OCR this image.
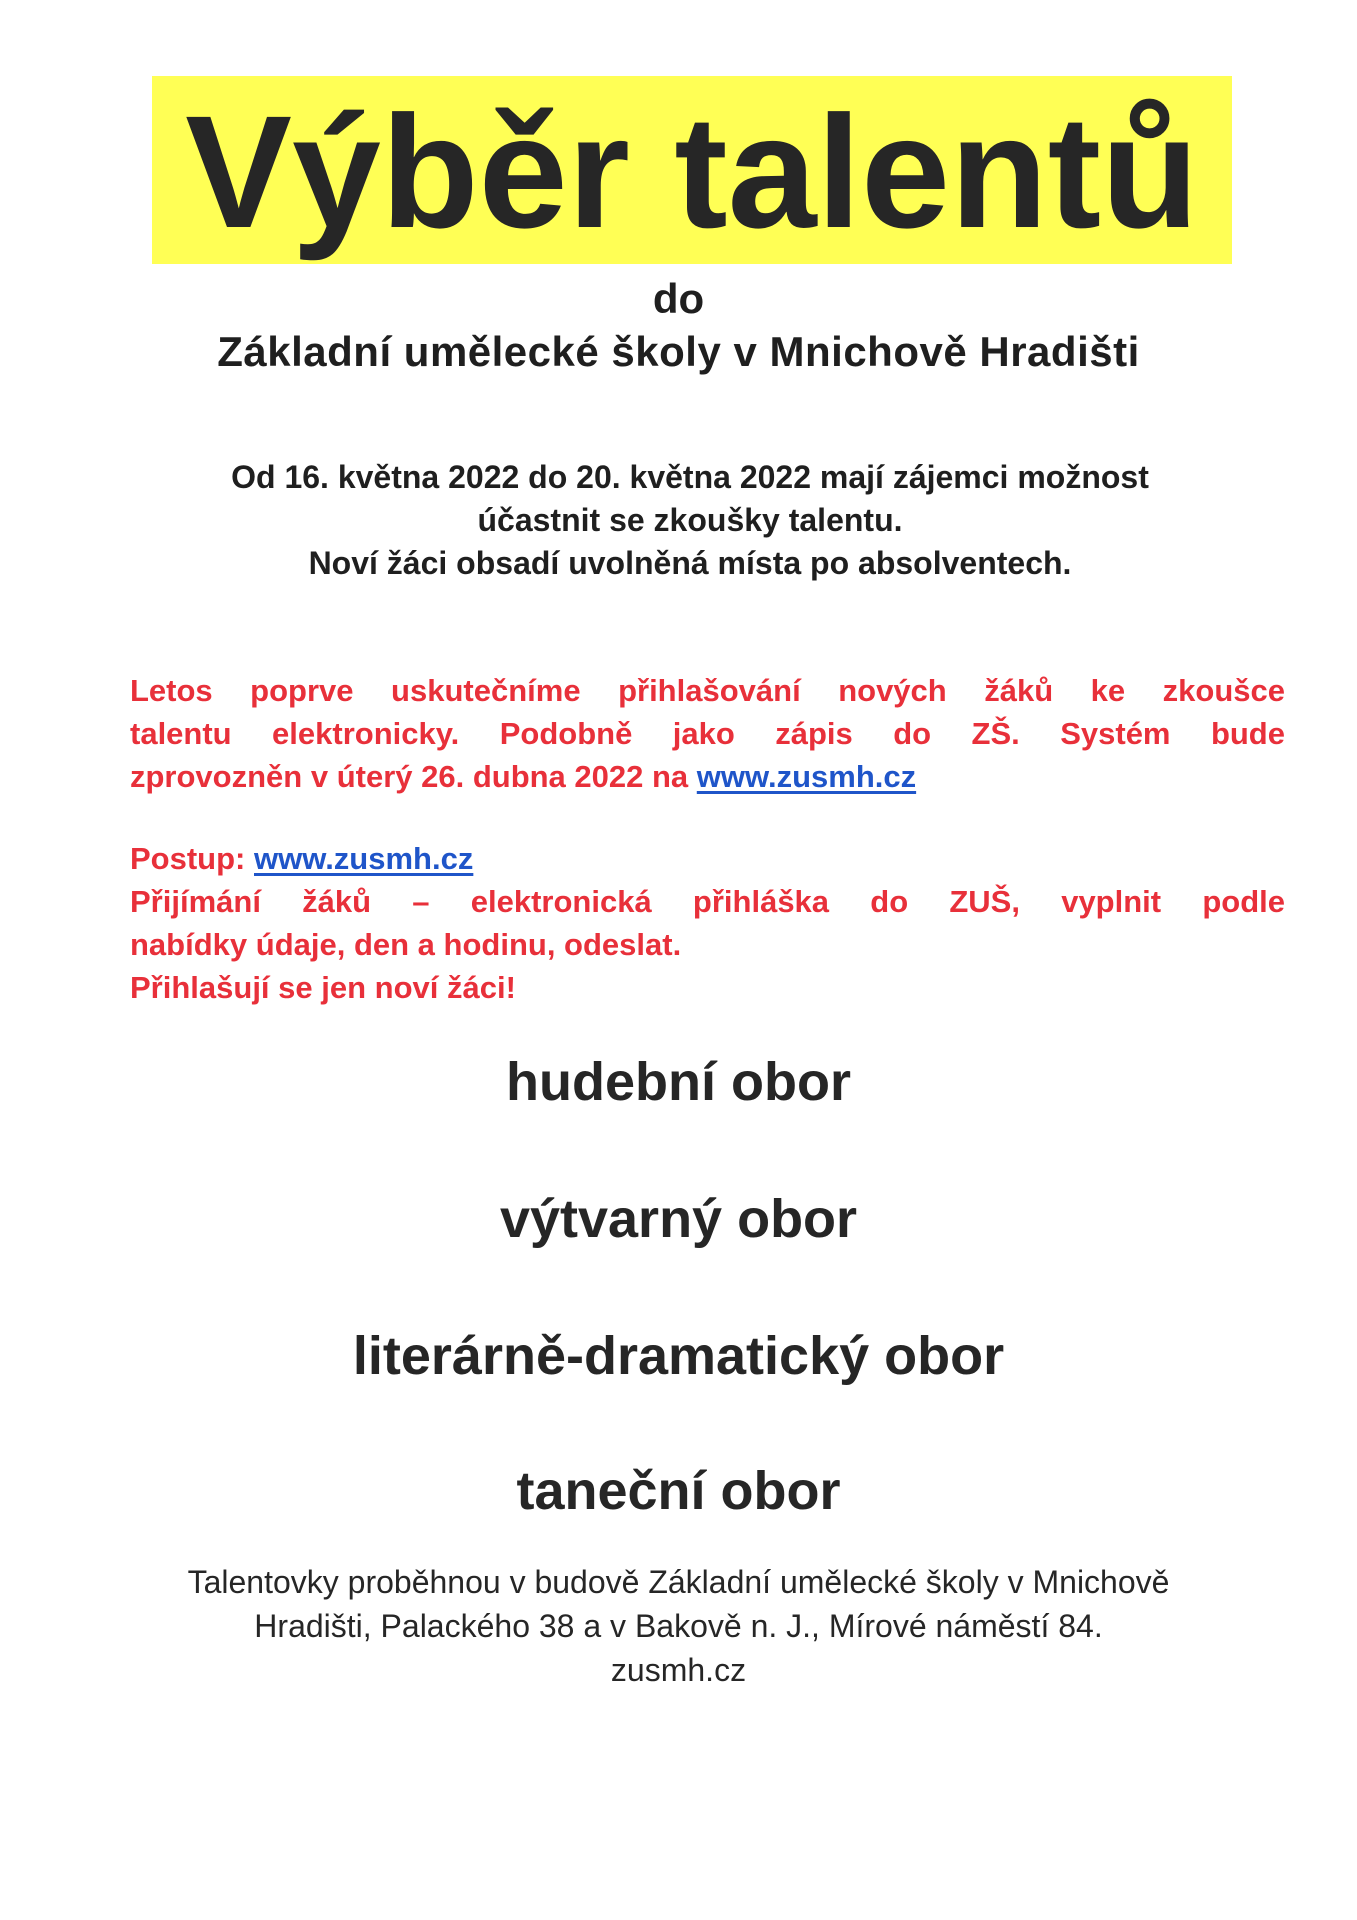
Výběr talentů
do
Základní umělecké školy v Mnichově Hradišti
Od 16. května 2022 do 20. května 2022 mají zájemci možnost
účastnit se zkoušky talentu.
Noví žáci obsadí uvolněná místa po absolventech.
Letos poprve uskutečníme přihlašování nových žáků ke zkoušce
talentu elektronicky. Podobně jako zápis do ZŠ. Systém bude
zprovozněn v úterý 26. dubna 2022 na www.zusmh.cz
Postup: www.zusmh.cz
Přijímání žáků – elektronická přihláška do ZUŠ, vyplnit podle
nabídky údaje, den a hodinu, odeslat.
Přihlašují se jen noví žáci!
hudební obor
výtvarný obor
literárně-dramatický obor
taneční obor
Talentovky proběhnou v budově Základní umělecké školy v Mnichově
Hradišti, Palackého 38 a v Bakově n. J., Mírové náměstí 84.
zusmh.cz
